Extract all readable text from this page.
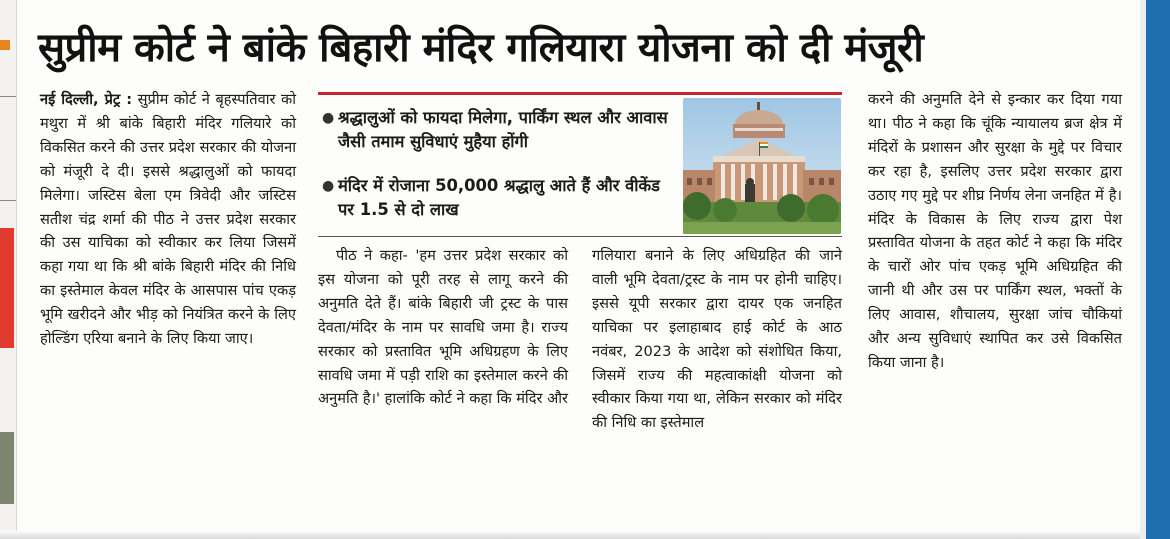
सुप्रीम कोर्ट ने बांके बिहारी मंदिर गलियारा योजना को दी मंजूरी

नई दिल्ली, प्रेट्र : सुप्रीम कोर्ट ने बृहस्पतिवार को मथुरा में श्री बांके बिहारी मंदिर गलियारे को विकसित करने की उत्तर प्रदेश सरकार की योजना को मंजूरी दे दी। इससे श्रद्धालुओं को फायदा मिलेगा। जस्टिस बेला एम त्रिवेदी और जस्टिस सतीश चंद्र शर्मा की पीठ ने उत्तर प्रदेश सरकार की उस याचिका को स्वीकार कर लिया जिसमें कहा गया था कि श्री बांके बिहारी मंदिर की निधि का इस्तेमाल केवल मंदिर के आसपास पांच एकड़ भूमि खरीदने और भीड़ को नियंत्रित करने के लिए होल्डिंग एरिया बनाने के लिए किया जाए।

● श्रद्धालुओं को फायदा मिलेगा, पार्किंग स्थल और आवास जैसी तमाम सुविधाएं मुहैया होंगी
● मंदिर में रोजाना 50,000 श्रद्धालु आते हैं और वीकेंड पर 1.5 से दो लाख

पीठ ने कहा- 'हम उत्तर प्रदेश सरकार को इस योजना को पूरी तरह से लागू करने की अनुमति देते हैं। बांके बिहारी जी ट्रस्ट के पास देवता/मंदिर के नाम पर सावधि जमा है। राज्य सरकार को प्रस्तावित भूमि अधिग्रहण के लिए सावधि जमा में पड़ी राशि का इस्तेमाल करने की अनुमति है।' हालांकि कोर्ट ने कहा कि मंदिर और

गलियारा बनाने के लिए अधिग्रहित की जाने वाली भूमि देवता/ट्रस्ट के नाम पर होनी चाहिए। इससे यूपी सरकार द्वारा दायर एक जनहित याचिका पर इलाहाबाद हाई कोर्ट के आठ नवंबर, 2023 के आदेश को संशोधित किया, जिसमें राज्य की महत्वाकांक्षी योजना को स्वीकार किया गया था, लेकिन सरकार को मंदिर की निधि का इस्तेमाल

करने की अनुमति देने से इन्कार कर दिया गया था। पीठ ने कहा कि चूंकि न्यायालय ब्रज क्षेत्र में मंदिरों के प्रशासन और सुरक्षा के मुद्दे पर विचार कर रहा है, इसलिए उत्तर प्रदेश सरकार द्वारा उठाए गए मुद्दे पर शीघ्र निर्णय लेना जनहित में है। मंदिर के विकास के लिए राज्य द्वारा पेश प्रस्तावित योजना के तहत कोर्ट ने कहा कि मंदिर के चारों ओर पांच एकड़ भूमि अधिग्रहित की जानी थी और उस पर पार्किंग स्थल, भक्तों के लिए आवास, शौचालय, सुरक्षा जांच चौकियां और अन्य सुविधाएं स्थापित कर उसे विकसित किया जाना है।
